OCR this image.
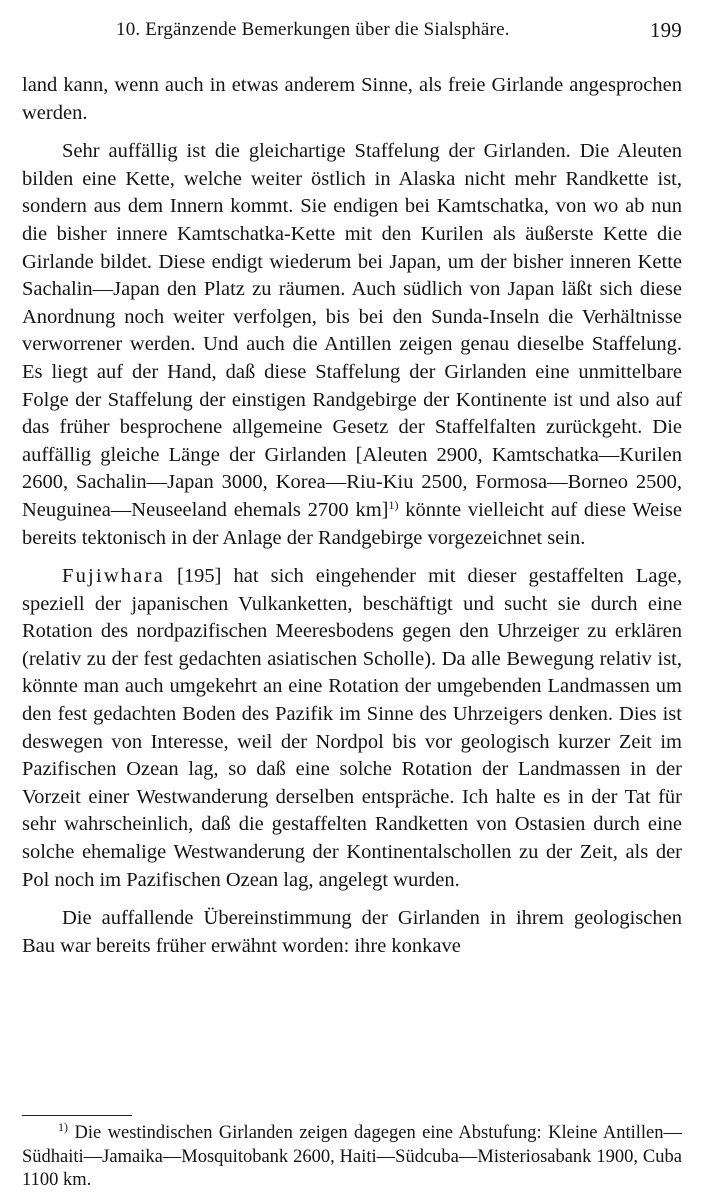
10. Ergänzende Bemerkungen über die Sialsphäre.	199

land kann, wenn auch in etwas anderem Sinne, als freie Girlande angesprochen werden.

Sehr auffällig ist die gleichartige Staffelung der Girlanden. Die Aleuten bilden eine Kette, welche weiter östlich in Alaska nicht mehr Randkette ist, sondern aus dem Innern kommt. Sie endigen bei Kamtschatka, von wo ab nun die bisher innere Kamtschatka-Kette mit den Kurilen als äußerste Kette die Girlande bildet. Diese endigt wiederum bei Japan, um der bisher inneren Kette Sachalin—Japan den Platz zu räumen. Auch südlich von Japan läßt sich diese Anordnung noch weiter verfolgen, bis bei den Sunda-Inseln die Verhältnisse verworrener werden. Und auch die Antillen zeigen genau dieselbe Staffelung. Es liegt auf der Hand, daß diese Staffelung der Girlanden eine unmittelbare Folge der Staffelung der einstigen Randgebirge der Kontinente ist und also auf das früher besprochene allgemeine Gesetz der Staffelfalten zurückgeht. Die auffällig gleiche Länge der Girlanden [Aleuten 2900, Kamtschatka—Kurilen 2600, Sachalin—Japan 3000, Korea—Riu-Kiu 2500, Formosa—Borneo 2500, Neuguinea—Neuseeland ehemals 2700 km]$^{1)}$ könnte vielleicht auf diese Weise bereits tektonisch in der Anlage der Randgebirge vorgezeichnet sein.

Fujiwhara [195] hat sich eingehender mit dieser gestaffelten Lage, speziell der japanischen Vulkanketten, beschäftigt und sucht sie durch eine Rotation des nordpazifischen Meeresbodens gegen den Uhrzeiger zu erklären (relativ zu der fest gedachten asiatischen Scholle). Da alle Bewegung relativ ist, könnte man auch umgekehrt an eine Rotation der umgebenden Landmassen um den fest gedachten Boden des Pazifik im Sinne des Uhrzeigers denken. Dies ist deswegen von Interesse, weil der Nordpol bis vor geologisch kurzer Zeit im Pazifischen Ozean lag, so daß eine solche Rotation der Landmassen in der Vorzeit einer Westwanderung derselben entspräche. Ich halte es in der Tat für sehr wahrscheinlich, daß die gestaffelten Randketten von Ostasien durch eine solche ehemalige Westwanderung der Kontinentalschollen zu der Zeit, als der Pol noch im Pazifischen Ozean lag, angelegt wurden.

Die auffallende Übereinstimmung der Girlanden in ihrem geologischen Bau war bereits früher erwähnt worden: ihre konkave

$^{1)}$ Die westindischen Girlanden zeigen dagegen eine Abstufung: Kleine Antillen—Südhaiti—Jamaika—Mosquitobank 2600, Haiti—Südcuba—Misteriosabank 1900, Cuba 1100 km.
